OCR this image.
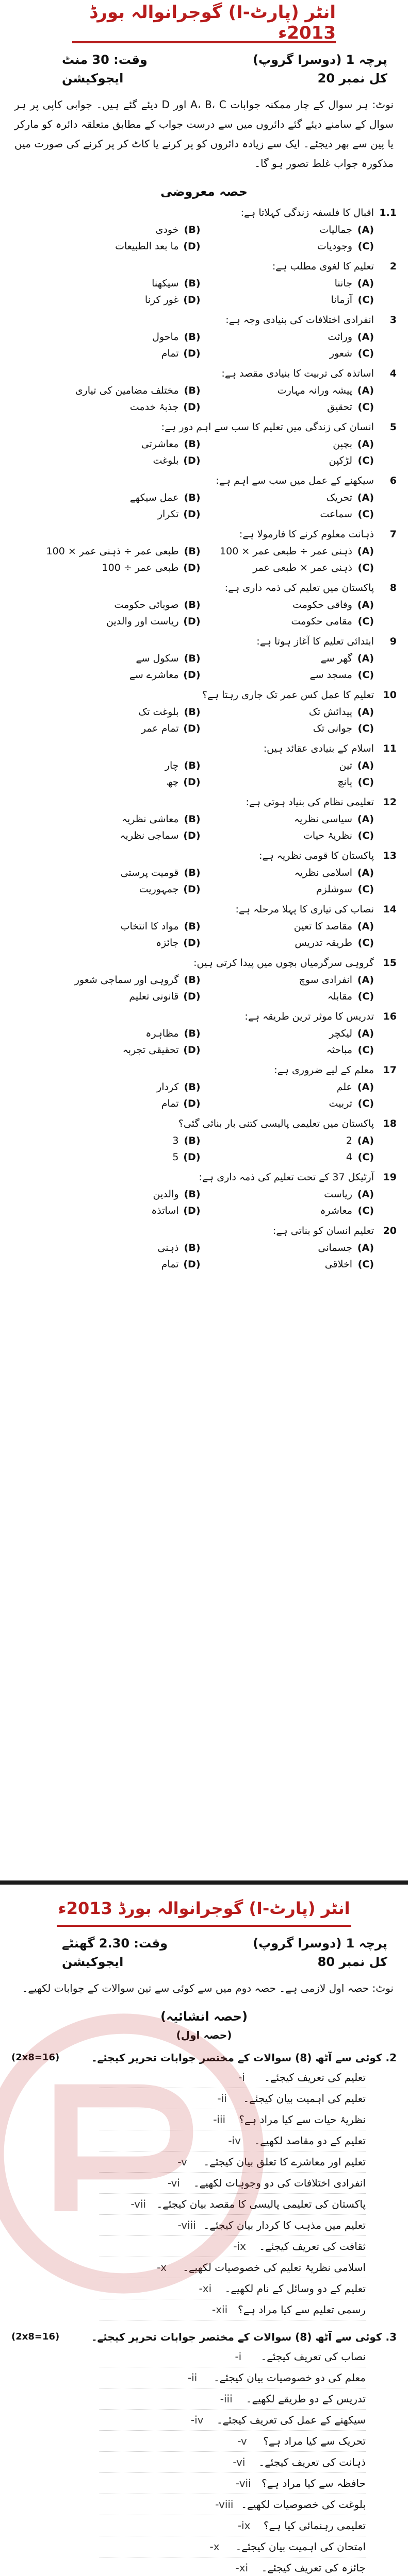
انٹر (پارٹ-I) گوجرانوالہ بورڈ 2013ء
پرچہ 1 (دوسرا گروپ)
وقت: 30 منٹ
کل نمبر 20
ایجوکیشن
نوٹ: ہر سوال کے چار ممکنہ جوابات A، B، C اور D دیئے گئے ہیں۔ جوابی کاپی پر ہر سوال کے سامنے دیئے گئے دائروں میں سے درست جواب کے مطابق متعلقہ دائرہ کو مارکر یا پین سے بھر دیجئے۔ ایک سے زیادہ دائروں کو پر کرنے یا کاٹ کر پر کرنے کی صورت میں مذکورہ جواب غلط تصور ہو گا۔
حصہ معروضی
1.1
اقبال کا فلسفہ زندگی کہلاتا ہے:
(A)
جمالیات
(B)
خودی
(C)
وجودیات
(D)
ما بعد الطبیعات
2
تعلیم کا لغوی مطلب ہے:
(A)
جاننا
(B)
سیکھنا
(C)
آزمانا
(D)
غور کرنا
3
انفرادی اختلافات کی بنیادی وجہ ہے:
(A)
وراثت
(B)
ماحول
(C)
شعور
(D)
تمام
4
اساتذہ کی تربیت کا بنیادی مقصد ہے:
(A)
پیشہ ورانہ مہارت
(B)
مختلف مضامین کی تیاری
(C)
تحقیق
(D)
جذبۂ خدمت
5
انسان کی زندگی میں تعلیم کا سب سے اہم دور ہے:
(A)
بچپن
(B)
معاشرتی
(C)
لڑکپن
(D)
بلوغت
6
سیکھنے کے عمل میں سب سے اہم ہے:
(A)
تحریک
(B)
عمل سیکھے
(C)
سماعت
(D)
تکرار
7
ذہانت معلوم کرنے کا فارمولا ہے:
(A)
ذہنی عمر ÷ طبعی عمر × 100
(B)
طبعی عمر ÷ ذہنی عمر × 100
(C)
ذہنی عمر × طبعی عمر
(D)
طبعی عمر ÷ 100
8
پاکستان میں تعلیم کی ذمہ داری ہے:
(A)
وفاقی حکومت
(B)
صوبائی حکومت
(C)
مقامی حکومت
(D)
ریاست اور والدین
9
ابتدائی تعلیم کا آغاز ہوتا ہے:
(A)
گھر سے
(B)
سکول سے
(C)
مسجد سے
(D)
معاشرے سے
10
تعلیم کا عمل کس عمر تک جاری رہتا ہے؟
(A)
پیدائش تک
(B)
بلوغت تک
(C)
جوانی تک
(D)
تمام عمر
11
اسلام کے بنیادی عقائد ہیں:
(A)
تین
(B)
چار
(C)
پانچ
(D)
چھ
12
تعلیمی نظام کی بنیاد ہوتی ہے:
(A)
سیاسی نظریہ
(B)
معاشی نظریہ
(C)
نظریۂ حیات
(D)
سماجی نظریہ
13
پاکستان کا قومی نظریہ ہے:
(A)
اسلامی نظریہ
(B)
قومیت پرستی
(C)
سوشلزم
(D)
جمہوریت
14
نصاب کی تیاری کا پہلا مرحلہ ہے:
(A)
مقاصد کا تعین
(B)
مواد کا انتخاب
(C)
طریقہ تدریس
(D)
جائزہ
15
گروہی سرگرمیاں بچوں میں پیدا کرتی ہیں:
(A)
انفرادی سوچ
(B)
گروہی اور سماجی شعور
(C)
مقابلہ
(D)
قانونی تعلیم
16
تدریس کا موثر ترین طریقہ ہے:
(A)
لیکچر
(B)
مظاہرہ
(C)
مباحثہ
(D)
تحقیقی تجربہ
17
معلم کے لیے ضروری ہے:
(A)
علم
(B)
کردار
(C)
تربیت
(D)
تمام
18
پاکستان میں تعلیمی پالیسی کتنی بار بنائی گئی؟
(A)
2
(B)
3
(C)
4
(D)
5
19
آرٹیکل 37 کے تحت تعلیم کی ذمہ داری ہے:
(A)
ریاست
(B)
والدین
(C)
معاشرہ
(D)
اساتذہ
20
تعلیم انسان کو بناتی ہے:
(A)
جسمانی
(B)
ذہنی
(C)
اخلاقی
(D)
تمام
انٹر (پارٹ-I) گوجرانوالہ بورڈ 2013ء
پرچہ 1 (دوسرا گروپ)
وقت: 2.30 گھنٹے
کل نمبر 80
ایجوکیشن
نوٹ: حصہ اول لازمی ہے۔ حصہ دوم میں سے کوئی سے تین سوالات کے جوابات لکھیے۔
(حصہ انشائیہ)
(حصہ اول)
2. کوئی سے آٹھ (8) سوالات کے مختصر جوابات تحریر کیجئے۔
(2x8=16)
تعلیم کی تعریف کیجئے۔
-i
تعلیم کی اہمیت بیان کیجئے۔
-ii
نظریۂ حیات سے کیا مراد ہے؟
-iii
تعلیم کے دو مقاصد لکھیے۔
-iv
تعلیم اور معاشرے کا تعلق بیان کیجئے۔
-v
انفرادی اختلافات کی دو وجوہات لکھیے۔
-vi
پاکستان کی تعلیمی پالیسی کا مقصد بیان کیجئے۔
-vii
تعلیم میں مذہب کا کردار بیان کیجئے۔
-viii
ثقافت کی تعریف کیجئے۔
-ix
اسلامی نظریۂ تعلیم کی خصوصیات لکھیے۔
-x
تعلیم کے دو وسائل کے نام لکھیے۔
-xi
رسمی تعلیم سے کیا مراد ہے؟
-xii
3. کوئی سے آٹھ (8) سوالات کے مختصر جوابات تحریر کیجئے۔
(2x8=16)
نصاب کی تعریف کیجئے۔
-i
معلم کی دو خصوصیات بیان کیجئے۔
-ii
تدریس کے دو طریقے لکھیے۔
-iii
سیکھنے کے عمل کی تعریف کیجئے۔
-iv
تحریک سے کیا مراد ہے؟
-v
ذہانت کی تعریف کیجئے۔
-vi
حافظہ سے کیا مراد ہے؟
-vii
بلوغت کی خصوصیات لکھیے۔
-viii
تعلیمی رہنمائی کیا ہے؟
-ix
امتحان کی اہمیت بیان کیجئے۔
-x
جائزہ کی تعریف کیجئے۔
-xi
